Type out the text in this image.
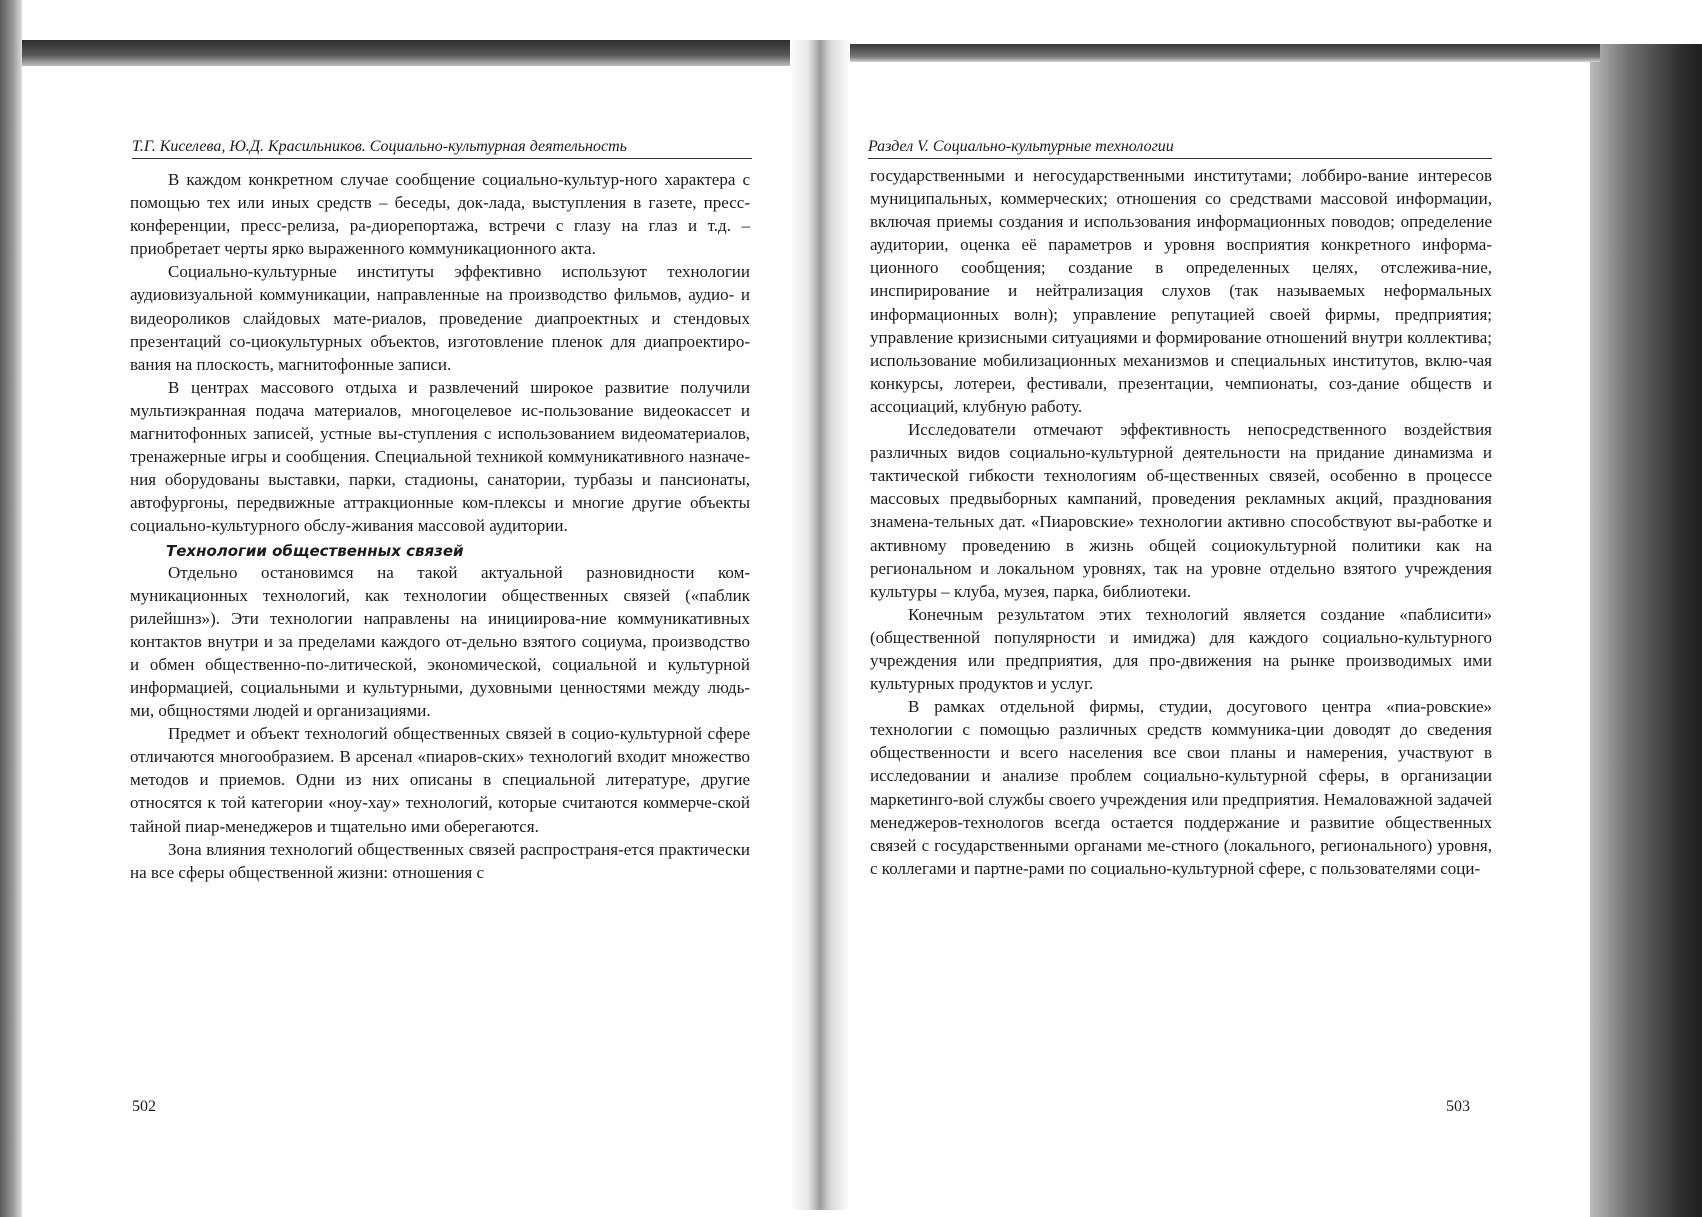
Т.Г. Киселева, Ю.Д. Красильников. Социально-культурная деятельность

В каждом конкретном случае сообщение социально-культур-ного характера с помощью тех или иных средств – беседы, док-лада, выступления в газете, пресс-конференции, пресс-релиза, ра-диорепортажа, встречи с глазу на глаз и т.д. – приобретает черты ярко выраженного коммуникационного акта.

Социально-культурные институты эффективно используют технологии аудиовизуальной коммуникации, направленные на производство фильмов, аудио- и видеороликов слайдовых мате-риалов, проведение диапроектных и стендовых презентаций со-циокультурных объектов, изготовление пленок для диапроектиро-вания на плоскость, магнитофонные записи.

В центрах массового отдыха и развлечений широкое развитие получили мультиэкранная подача материалов, многоцелевое ис-пользование видеокассет и магнитофонных записей, устные вы-ступления с использованием видеоматериалов, тренажерные игры и сообщения. Специальной техникой коммуникативного назначе-ния оборудованы выставки, парки, стадионы, санатории, турбазы и пансионаты, автофургоны, передвижные аттракционные ком-плексы и многие другие объекты социально-культурного обслу-живания массовой аудитории.

Технологии общественных связей

Отдельно остановимся на такой актуальной разновидности ком-муникационных технологий, как технологии общественных связей («паблик рилейшнз»). Эти технологии направлены на инициирова-ние коммуникативных контактов внутри и за пределами каждого от-дельно взятого социума, производство и обмен общественно-по-литической, экономической, социальной и культурной информацией, социальными и культурными, духовными ценностями между людь-ми, общностями людей и организациями.

Предмет и объект технологий общественных связей в социо-культурной сфере отличаются многообразием. В арсенал «пиаров-ских» технологий входит множество методов и приемов. Одни из них описаны в специальной литературе, другие относятся к той категории «ноу-хау» технологий, которые считаются коммерче-ской тайной пиар-менеджеров и тщательно ими оберегаются.

Зона влияния технологий общественных связей распространя-ется практически на все сферы общественной жизни: отношения с

502
Раздел V. Социально-культурные технологии

государственными и негосударственными институтами; лоббиро-вание интересов муниципальных, коммерческих; отношения со средствами массовой информации, включая приемы создания и использования информационных поводов; определение аудитории, оценка её параметров и уровня восприятия конкретного информа-ционного сообщения; создание в определенных целях, отслежива-ние, инспирирование и нейтрализация слухов (так называемых неформальных информационных волн); управление репутацией своей фирмы, предприятия; управление кризисными ситуациями и формирование отношений внутри коллектива; использование мобилизационных механизмов и специальных институтов, вклю-чая конкурсы, лотереи, фестивали, презентации, чемпионаты, соз-дание обществ и ассоциаций, клубную работу.

Исследователи отмечают эффективность непосредственного воздействия различных видов социально-культурной деятельности на придание динамизма и тактической гибкости технологиям об-щественных связей, особенно в процессе массовых предвыборных кампаний, проведения рекламных акций, празднования знамена-тельных дат. «Пиаровские» технологии активно способствуют вы-работке и активному проведению в жизнь общей социокультурной политики как на региональном и локальном уровнях, так на уровне отдельно взятого учреждения культуры – клуба, музея, парка, библиотеки.

Конечным результатом этих технологий является создание «паблисити» (общественной популярности и имиджа) для каждого социально-культурного учреждения или предприятия, для про-движения на рынке производимых ими культурных продуктов и услуг.

В рамках отдельной фирмы, студии, досугового центра «пиа-ровские» технологии с помощью различных средств коммуника-ции доводят до сведения общественности и всего населения все свои планы и намерения, участвуют в исследовании и анализе проблем социально-культурной сферы, в организации маркетинго-вой службы своего учреждения или предприятия. Немаловажной задачей менеджеров-технологов всегда остается поддержание и развитие общественных связей с государственными органами ме-стного (локального, регионального) уровня, с коллегами и партне-рами по социально-культурной сфере, с пользователями соци-

503
